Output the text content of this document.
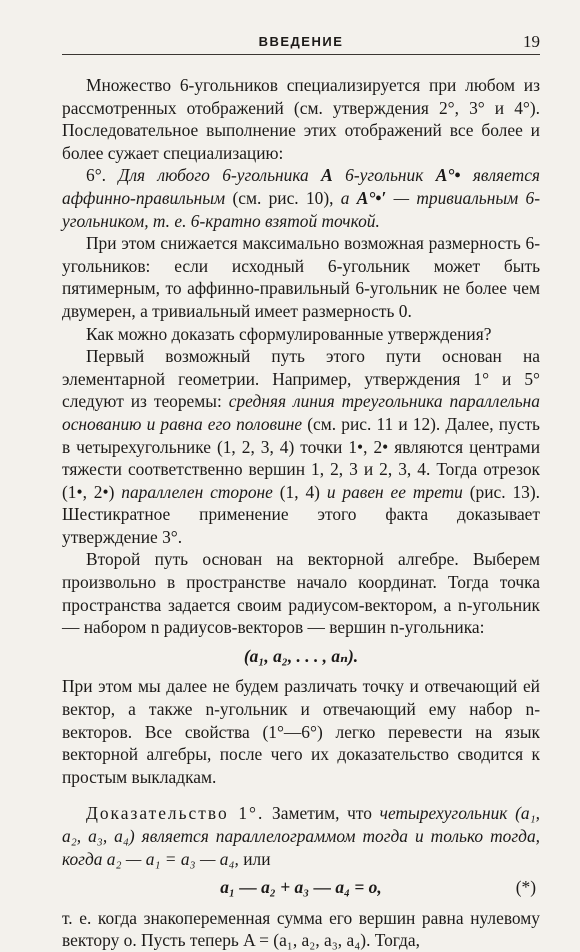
ВВЕДЕНИЕ	19

Множество 6-угольников специализируется при любом из рассмотренных отображений (см. утверждения 2°, 3° и 4°). Последовательное выполнение этих отображений все более и более сужает специализацию:

6°. Для любого 6-угольника A 6-угольник A°• является аффинно-правильным (см. рис. 10), а A°•′ — тривиальным 6-угольником, т. е. 6-кратно взятой точкой.

При этом снижается максимально возможная размерность 6-угольников: если исходный 6-угольник может быть пятимерным, то аффинно-правильный 6-угольник не более чем двумерен, а тривиальный имеет размерность 0.

Как можно доказать сформулированные утверждения?

Первый возможный путь этого пути основан на элементарной геометрии. Например, утверждения 1° и 5° следуют из теоремы: средняя линия треугольника параллельна основанию и равна его половине (см. рис. 11 и 12). Далее, пусть в четырехугольнике (1, 2, 3, 4) точки 1•, 2• являются центрами тяжести соответственно вершин 1, 2, 3 и 2, 3, 4. Тогда отрезок (1•, 2•) параллелен стороне (1, 4) и равен ее трети (рис. 13). Шестикратное применение этого факта доказывает утверждение 3°.

Второй путь основан на векторной алгебре. Выберем произвольно в пространстве начало координат. Тогда точка пространства задается своим радиусом-вектором, а n-угольник — набором n радиусов-векторов — вершин n-угольника:

(a₁, a₂, . . . , aₙ).

При этом мы далее не будем различать точку и отвечающий ей вектор, а также n-угольник и отвечающий ему набор n-векторов. Все свойства (1°—6°) легко перевести на язык векторной алгебры, после чего их доказательство сводится к простым выкладкам.

Доказательство 1°. Заметим, что четырехугольник (a₁, a₂, a₃, a₄) является параллелограммом тогда и только тогда, когда a₂ — a₁ = a₃ — a₄, или

a₁ — a₂ + a₃ — a₄ = o,	(*)

т. е. когда знакопеременная сумма его вершин равна нулевому вектору o. Пусть теперь A = (a₁, a₂, a₃, a₄). Тогда,
